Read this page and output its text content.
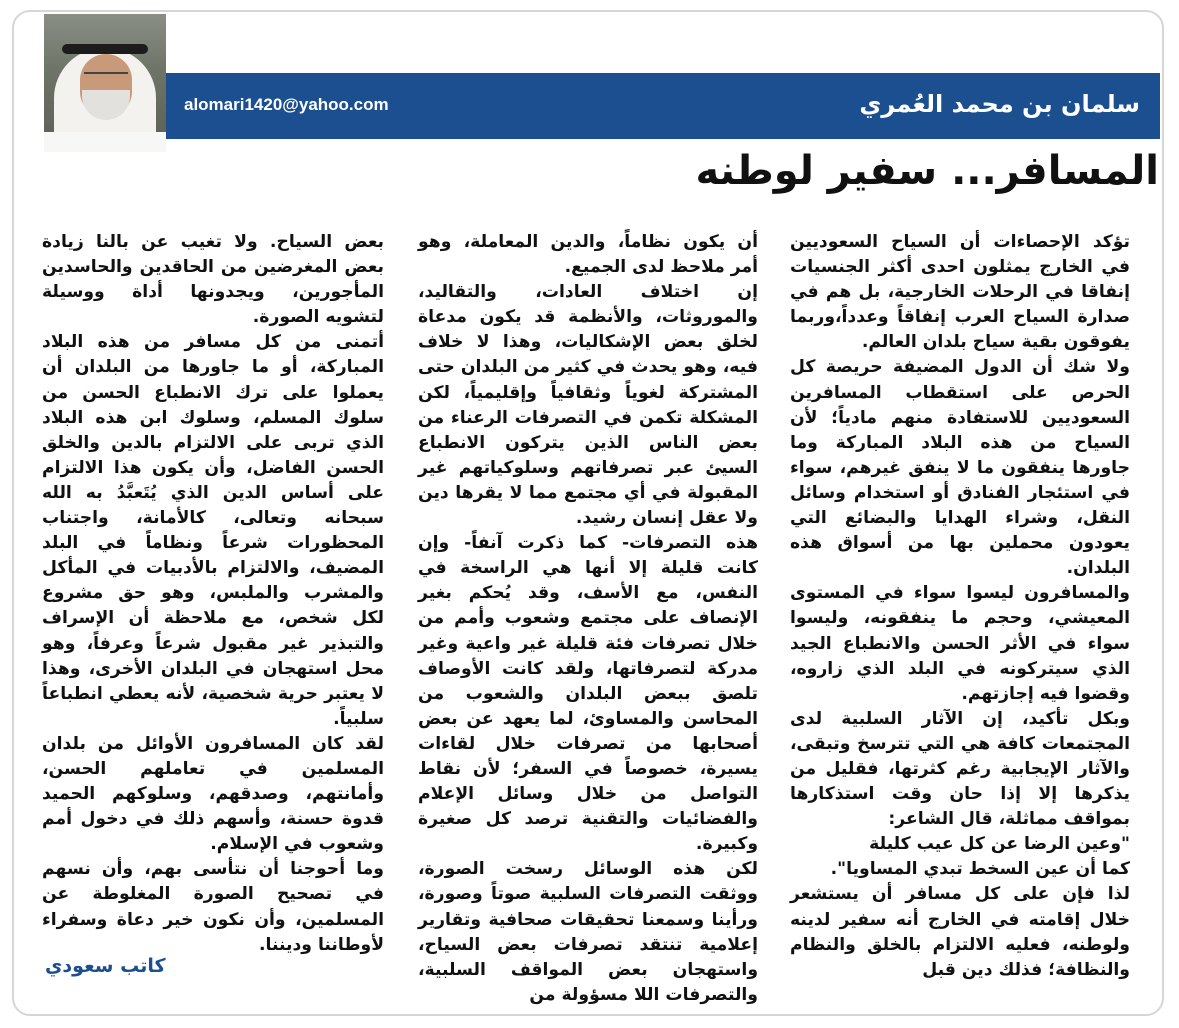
alomari1420@yahoo.com	سلمان بن محمد العُمري
المسافر... سفير لوطنه

تؤكد الإحصاءات أن السياح السعوديين في الخارج يمثلون احدى أكثر الجنسيات إنفاقا في الرحلات الخارجية، بل هم في صدارة السياح العرب إنفاقاً وعدداً،وربما يفوقون بقية سياح بلدان العالم.

ولا شك أن الدول المضيفة حريصة كل الحرص على استقطاب المسافرين السعوديين للاستفادة منهم مادياً؛ لأن السياح من هذه البلاد المباركة وما جاورها ينفقون ما لا ينفق غيرهم، سواء في استئجار الفنادق أو استخدام وسائل النقل، وشراء الهدايا والبضائع التي يعودون محملين بها من أسواق هذه البلدان.

والمسافرون ليسوا سواء في المستوى المعيشي، وحجم ما ينفقونه، وليسوا سواء في الأثر الحسن والانطباع الجيد الذي سيتركونه في البلد الذي زاروه، وقضوا فيه إجازتهم.

وبكل تأكيد، إن الآثار السلبية لدى المجتمعات كافة هي التي تترسخ وتبقى، والآثار الإيجابية رغم كثرتها، فقليل من يذكرها إلا إذا حان وقت استذكارها بمواقف مماثلة، قال الشاعر:

"وعين الرضا عن كل عيب كليلة

كما أن عين السخط تبدي المساويا".

لذا فإن على كل مسافر أن يستشعر خلال إقامته في الخارج أنه سفير لدينه ولوطنه، فعليه الالتزام بالخلق والنظام والنظافة؛ فذلك دين قبل

أن يكون نظاماً، والدين المعاملة، وهو أمر ملاحظ لدى الجميع.

إن اختلاف العادات، والتقاليد، والموروثات، والأنظمة قد يكون مدعاة لخلق بعض الإشكاليات، وهذا لا خلاف فيه، وهو يحدث في كثير من البلدان حتى المشتركة لغوياً وثقافياً وإقليمياً، لكن المشكلة تكمن في التصرفات الرعناء من بعض الناس الذين يتركون الانطباع السيئ عبر تصرفاتهم وسلوكياتهم غير المقبولة في أي مجتمع مما لا يقرها دين ولا عقل إنسان رشيد.

هذه التصرفات- كما ذكرت آنفاً- وإن كانت قليلة إلا أنها هي الراسخة في النفس، مع الأسف، وقد يُحكم بغير الإنصاف على مجتمع وشعوب وأمم من خلال تصرفات فئة قليلة غير واعية وغير مدركة لتصرفاتها، ولقد كانت الأوصاف تلصق ببعض البلدان والشعوب من المحاسن والمساوئ، لما يعهد عن بعض أصحابها من تصرفات خلال لقاءات يسيرة، خصوصاً في السفر؛ لأن نقاط التواصل من خلال وسائل الإعلام والفضائيات والتقنية ترصد كل صغيرة وكبيرة.

لكن هذه الوسائل رسخت الصورة، ووثقت التصرفات السلبية صوتاً وصورة، ورأينا وسمعنا تحقيقات صحافية وتقارير إعلامية تنتقد تصرفات بعض السياح، واستهجان بعض المواقف السلبية، والتصرفات اللا مسؤولة من

بعض السياح. ولا تغيب عن بالنا زيادة بعض المغرضين من الحاقدين والحاسدين المأجورين، ويجدونها أداة ووسيلة لتشويه الصورة.

أتمنى من كل مسافر من هذه البلاد المباركة، أو ما جاورها من البلدان أن يعملوا على ترك الانطباع الحسن من سلوك المسلم، وسلوك ابن هذه البلاد الذي تربى على الالتزام بالدين والخلق الحسن الفاضل، وأن يكون هذا الالتزام على أساس الدين الذي يُتَعبَّدُ به الله سبحانه وتعالى، كالأمانة، واجتناب المحظورات شرعاً ونظاماً في البلد المضيف، والالتزام بالأدبيات في المأكل والمشرب والملبس، وهو حق مشروع لكل شخص، مع ملاحظة أن الإسراف والتبذير غير مقبول شرعاً وعرفاً، وهو محل استهجان في البلدان الأخرى، وهذا لا يعتبر حرية شخصية، لأنه يعطي انطباعاً سلبياً.

لقد كان المسافرون الأوائل من بلدان المسلمين في تعاملهم الحسن، وأمانتهم، وصدقهم، وسلوكهم الحميد قدوة حسنة، وأسهم ذلك في دخول أمم وشعوب في الإسلام.

وما أحوجنا أن نتأسى بهم، وأن نسهم في تصحيح الصورة المغلوطة عن المسلمين، وأن نكون خير دعاة وسفراء لأوطاننا وديننا.

كاتب سعودي
